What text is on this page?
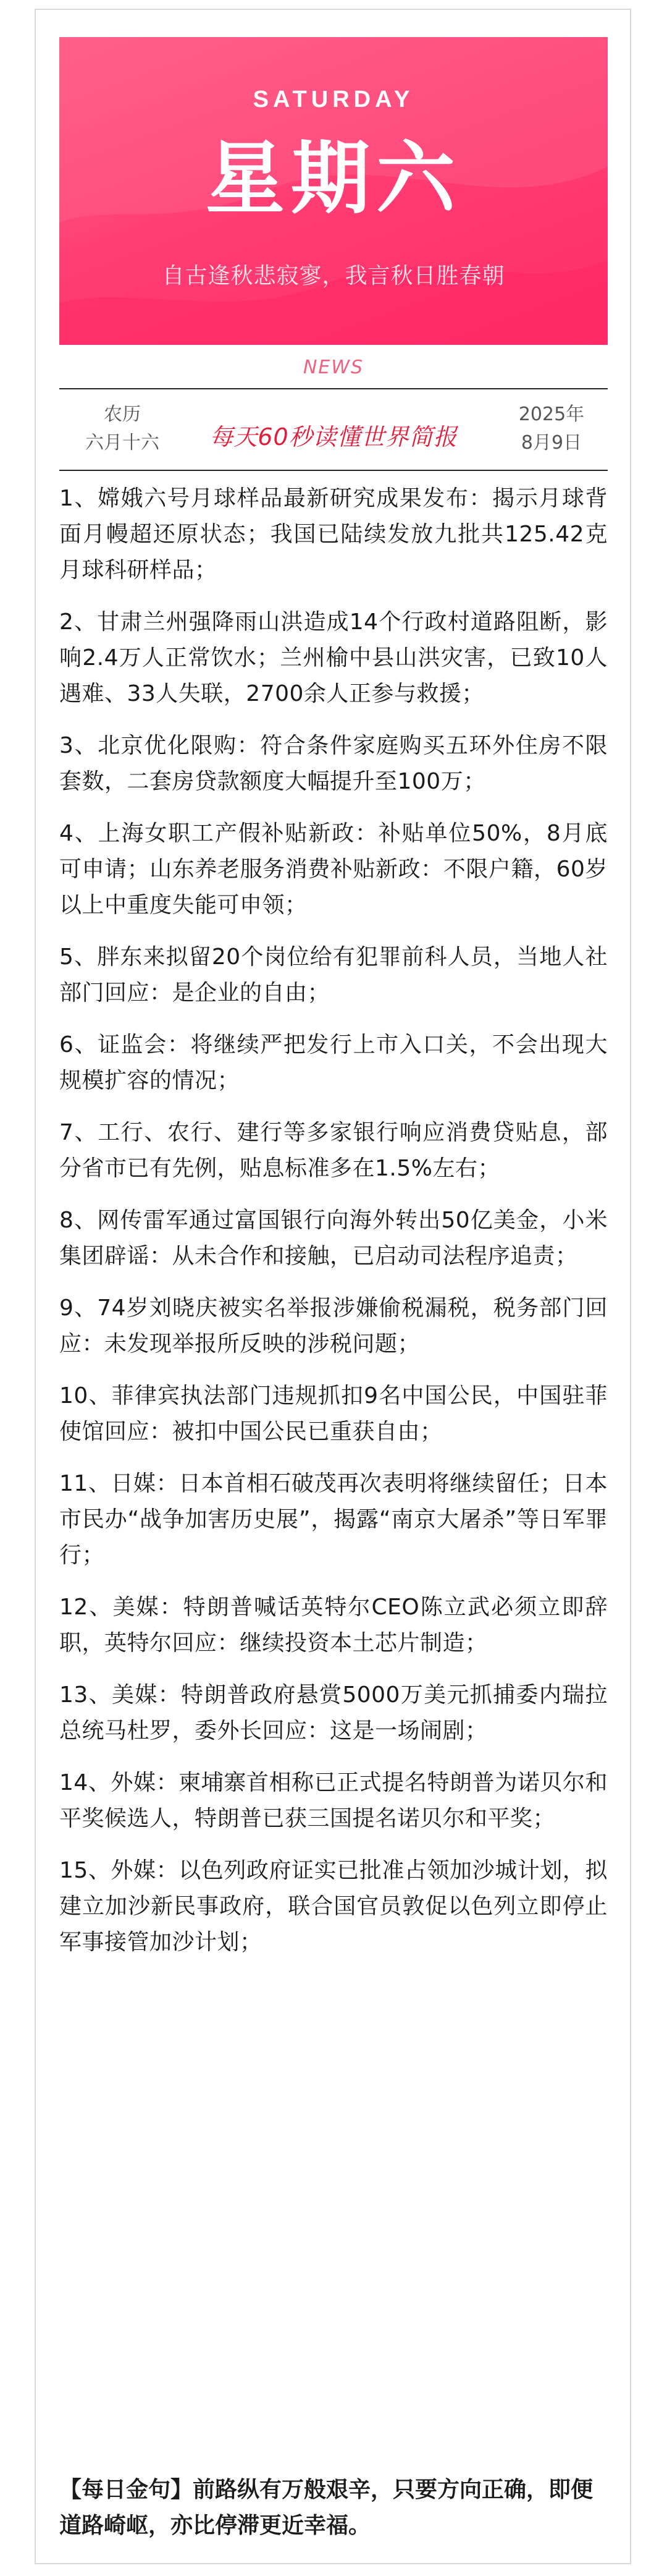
SATURDAY
星期六
自古逢秋悲寂寥，我言秋日胜春朝
NEWS
农历
六月十六	每天60秒读懂世界简报
2025年
8月9日

1、嫦娥六号月球样品最新研究成果发布：揭示月球背面月幔超还原状态；我国已陆续发放九批共125.42克月球科研样品；

2、甘肃兰州强降雨山洪造成14个行政村道路阻断，影响2.4万人正常饮水；兰州榆中县山洪灾害，已致10人遇难、33人失联，2700余人正参与救援；

3、北京优化限购：符合条件家庭购买五环外住房不限套数，二套房贷款额度大幅提升至100万；

4、上海女职工产假补贴新政：补贴单位50%，8月底可申请；山东养老服务消费补贴新政：不限户籍，60岁以上中重度失能可申领；

5、胖东来拟留20个岗位给有犯罪前科人员，当地人社部门回应：是企业的自由；

6、证监会：将继续严把发行上市入口关，不会出现大规模扩容的情况；

7、工行、农行、建行等多家银行响应消费贷贴息，部分省市已有先例，贴息标准多在1.5%左右；

8、网传雷军通过富国银行向海外转出50亿美金，小米集团辟谣：从未合作和接触，已启动司法程序追责；

9、74岁刘晓庆被实名举报涉嫌偷税漏税，税务部门回应：未发现举报所反映的涉税问题；

10、菲律宾执法部门违规抓扣9名中国公民，中国驻菲使馆回应：被扣中国公民已重获自由；

11、日媒：日本首相石破茂再次表明将继续留任；日本市民办“战争加害历史展”，揭露“南京大屠杀”等日军罪行；

12、美媒：特朗普喊话英特尔CEO陈立武必须立即辞职，英特尔回应：继续投资本土芯片制造；

13、美媒：特朗普政府悬赏5000万美元抓捕委内瑞拉总统马杜罗，委外长回应：这是一场闹剧；

14、外媒：柬埔寨首相称已正式提名特朗普为诺贝尔和平奖候选人，特朗普已获三国提名诺贝尔和平奖；

15、外媒：以色列政府证实已批准占领加沙城计划，拟建立加沙新民事政府，联合国官员敦促以色列立即停止军事接管加沙计划；

【每日金句】前路纵有万般艰辛，只要方向正确，即便道路崎岖，亦比停滞更近幸福。
